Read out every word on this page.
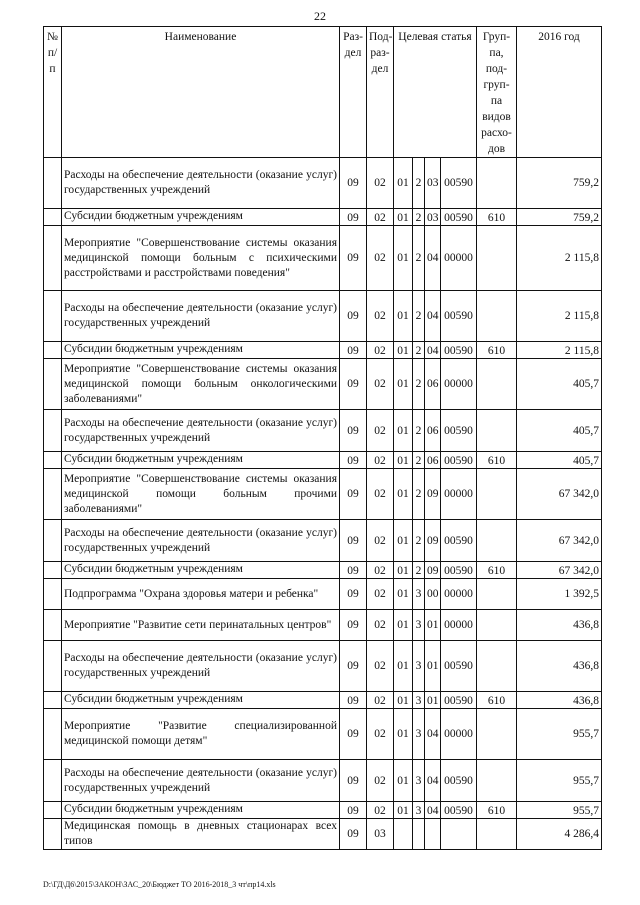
22
№ п/п	Наименование	Раз-дел	Под-раз-дел	Целевая статья				Груп-па, под-груп-па видов расхо-дов	2016 год
	Расходы на обеспечение деятельности (оказание услуг) государственных учреждений	09	02	01	2	03	00590		759,2
	Субсидии бюджетным учреждениям	09	02	01	2	03	00590	610	759,2
	Мероприятие "Совершенствование системы оказания медицинской помощи больным с психическими расстройствами и расстройствами поведения"	09	02	01	2	04	00000		2 115,8
	Расходы на обеспечение деятельности (оказание услуг) государственных учреждений	09	02	01	2	04	00590		2 115,8
	Субсидии бюджетным учреждениям	09	02	01	2	04	00590	610	2 115,8
	Мероприятие "Совершенствование системы оказания медицинской помощи больным онкологическими заболеваниями"	09	02	01	2	06	00000		405,7
	Расходы на обеспечение деятельности (оказание услуг) государственных учреждений	09	02	01	2	06	00590		405,7
	Субсидии бюджетным учреждениям	09	02	01	2	06	00590	610	405,7
	Мероприятие "Совершенствование системы оказания медицинской помощи больным прочими заболеваниями"	09	02	01	2	09	00000		67 342,0
	Расходы на обеспечение деятельности (оказание услуг) государственных учреждений	09	02	01	2	09	00590		67 342,0
	Субсидии бюджетным учреждениям	09	02	01	2	09	00590	610	67 342,0
	Подпрограмма "Охрана здоровья матери и ребенка"	09	02	01	3	00	00000		1 392,5
	Мероприятие "Развитие сети перинатальных центров"	09	02	01	3	01	00000		436,8
	Расходы на обеспечение деятельности (оказание услуг) государственных учреждений	09	02	01	3	01	00590		436,8
	Субсидии бюджетным учреждениям	09	02	01	3	01	00590	610	436,8
	Мероприятие "Развитие специализированной медицинской помощи детям"	09	02	01	3	04	00000		955,7
	Расходы на обеспечение деятельности (оказание услуг) государственных учреждений	09	02	01	3	04	00590		955,7
	Субсидии бюджетным учреждениям	09	02	01	3	04	00590	610	955,7
	Медицинская помощь в дневных стационарах всех типов	09	03						4 286,4
D:\ГД\Д6\2015\ЗАКОН\ЗАС_20\Бюджет ТО 2016-2018_3 чт\пр14.xls
